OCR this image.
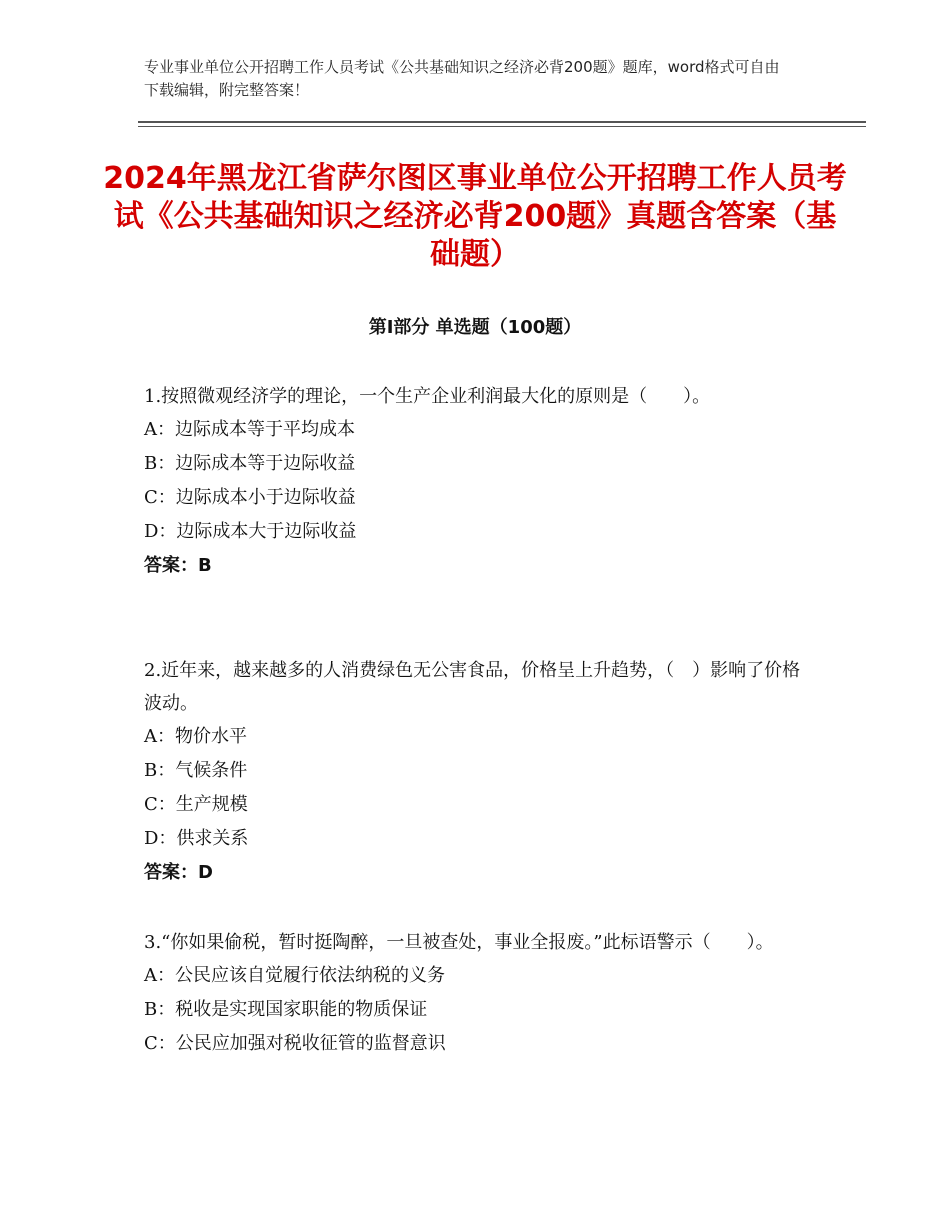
专业事业单位公开招聘工作人员考试《公共基础知识之经济必背200题》题库，word格式可自由下载编辑，附完整答案！
2024年黑龙江省萨尔图区事业单位公开招聘工作人员考试《公共基础知识之经济必背200题》真题含答案（基础题）
第Ⅰ部分 单选题（100题）

1.按照微观经济学的理论，一个生产企业利润最大化的原则是（　　）。

A：边际成本等于平均成本

B：边际成本等于边际收益

C：边际成本小于边际收益

D：边际成本大于边际收益

答案：B

2.近年来，越来越多的人消费绿色无公害食品，价格呈上升趋势，（　）影响了价格波动。

A：物价水平

B：气候条件

C：生产规模

D：供求关系

答案：D

3.“你如果偷税，暂时挺陶醉，一旦被查处，事业全报废。”此标语警示（　　）。

A：公民应该自觉履行依法纳税的义务

B：税收是实现国家职能的物质保证

C：公民应加强对税收征管的监督意识
